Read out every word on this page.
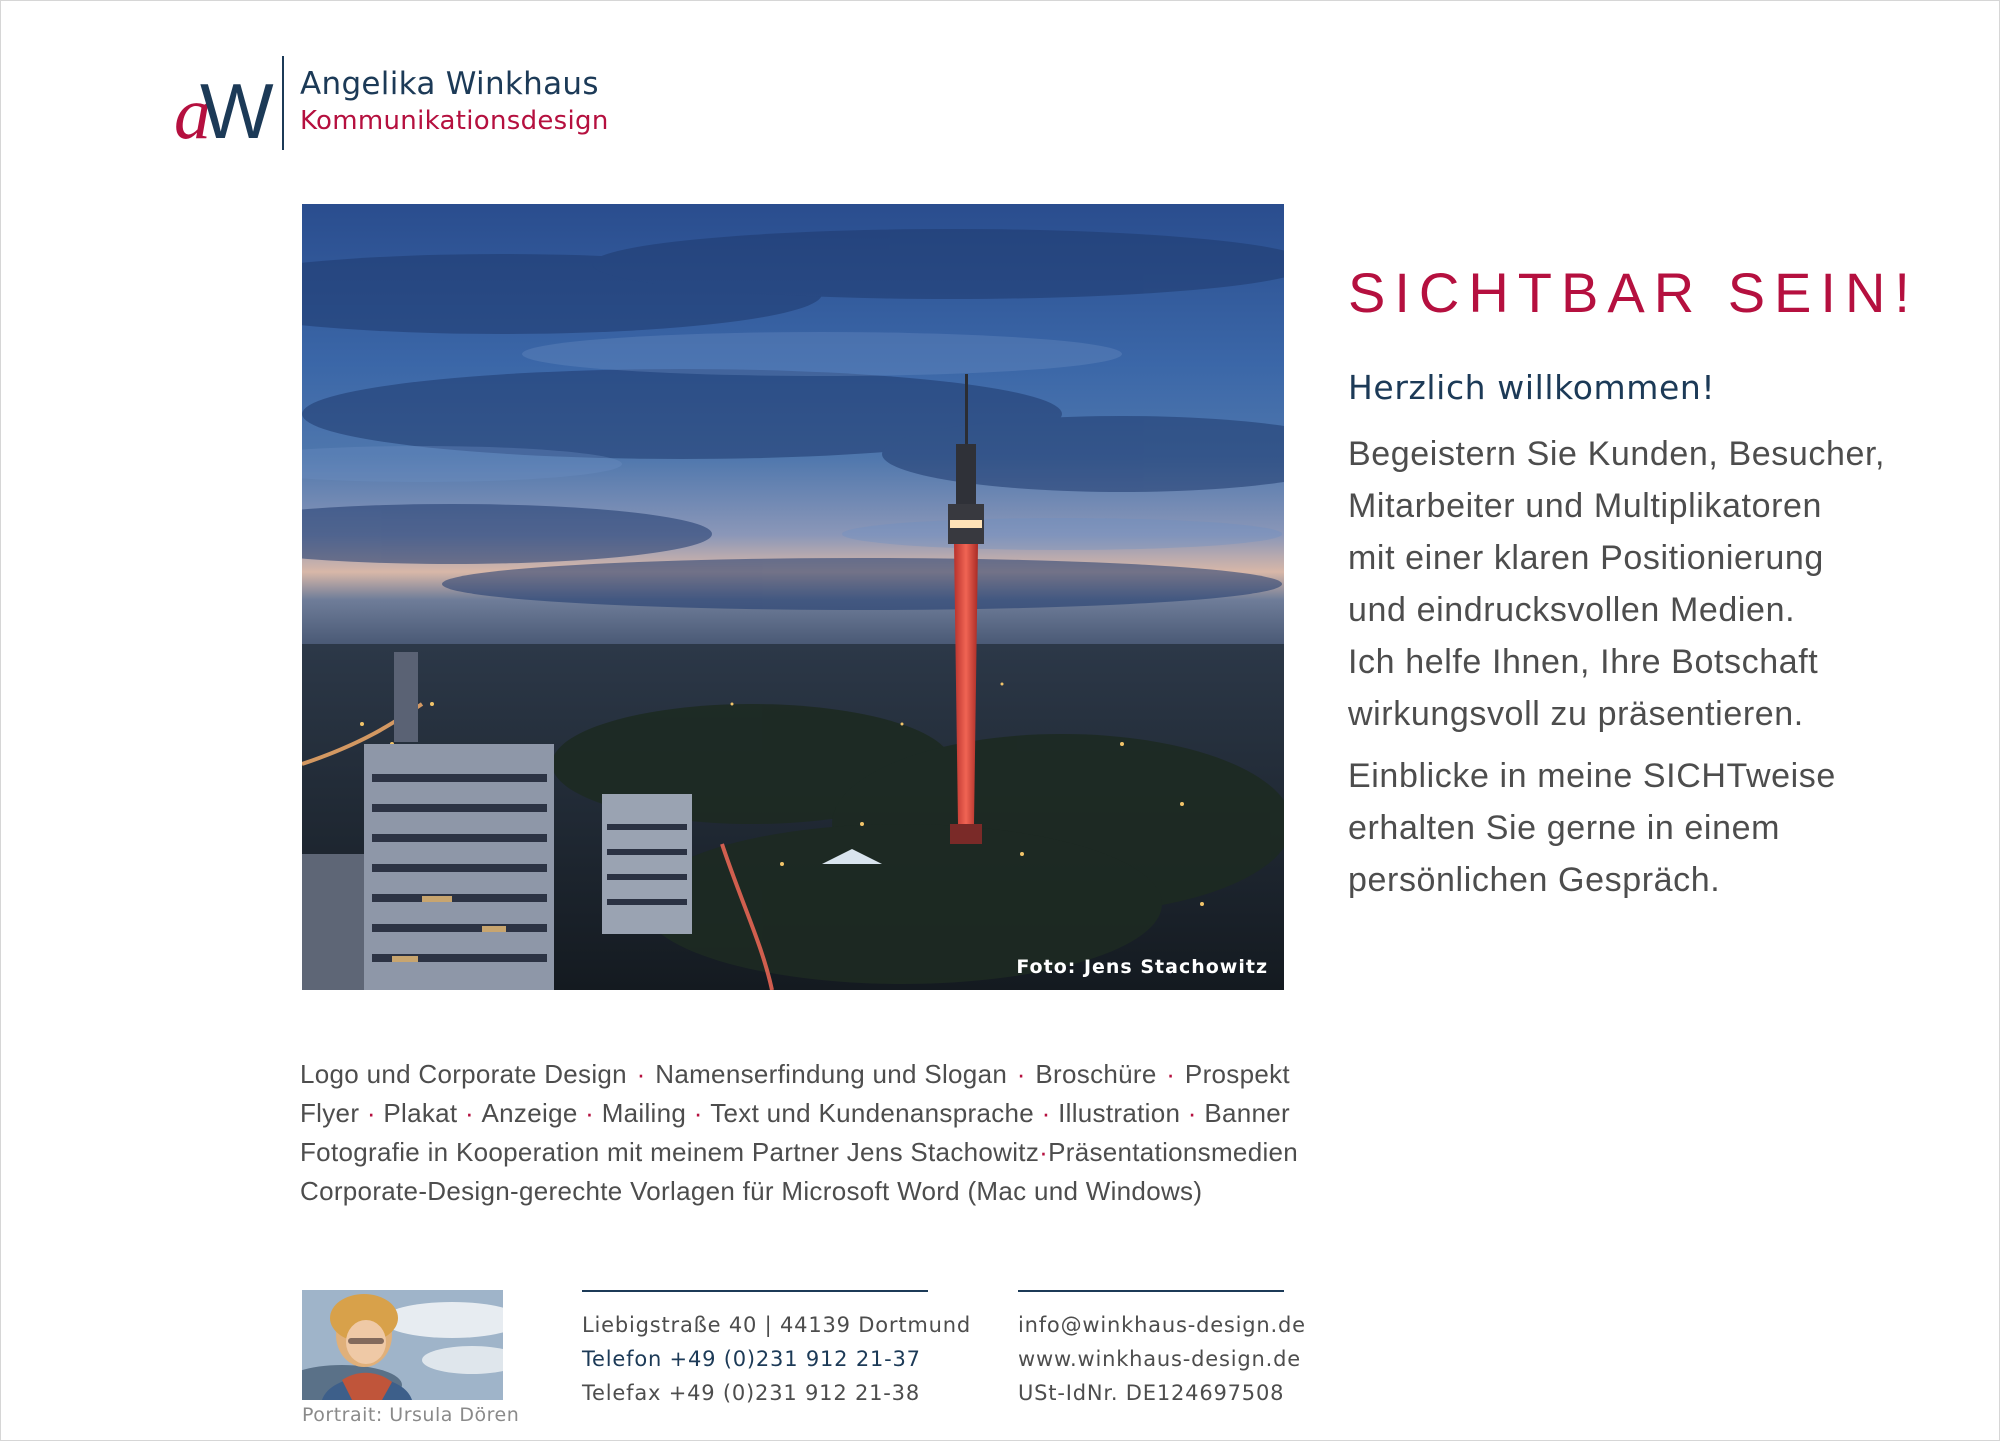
a
W Angelika Winkhaus
Kommunikationsdesign
Foto: Jens Stachowitz
SICHTBAR SEIN!
Herzlich willkommen!

Begeistern Sie Kunden, Besucher,
Mitarbeiter und Multiplikatoren
mit einer klaren Positionierung
und eindrucksvollen Medien.
Ich helfe Ihnen, Ihre Botschaft
wirkungsvoll zu präsentieren.

Einblicke in meine SICHTweise
erhalten Sie gerne in einem
persönlichen Gespräch.

Logo und Corporate Design · Namenserfindung und Slogan · Broschüre · Prospekt
Flyer · Plakat · Anzeige · Mailing · Text und Kundenansprache · Illustration · Banner
Fotografie in Kooperation mit meinem Partner Jens Stachowitz · Präsentationsmedien
Corporate-Design-gerechte Vorlagen für Microsoft Word (Mac und Windows)
Portrait: Ursula Dören
Liebigstraße 40 | 44139 Dortmund
Telefon +49 (0)231 912 21-37
Telefax +49 (0)231 912 21-38
info@winkhaus-design.de
www.winkhaus-design.de
USt-IdNr. DE124697508
